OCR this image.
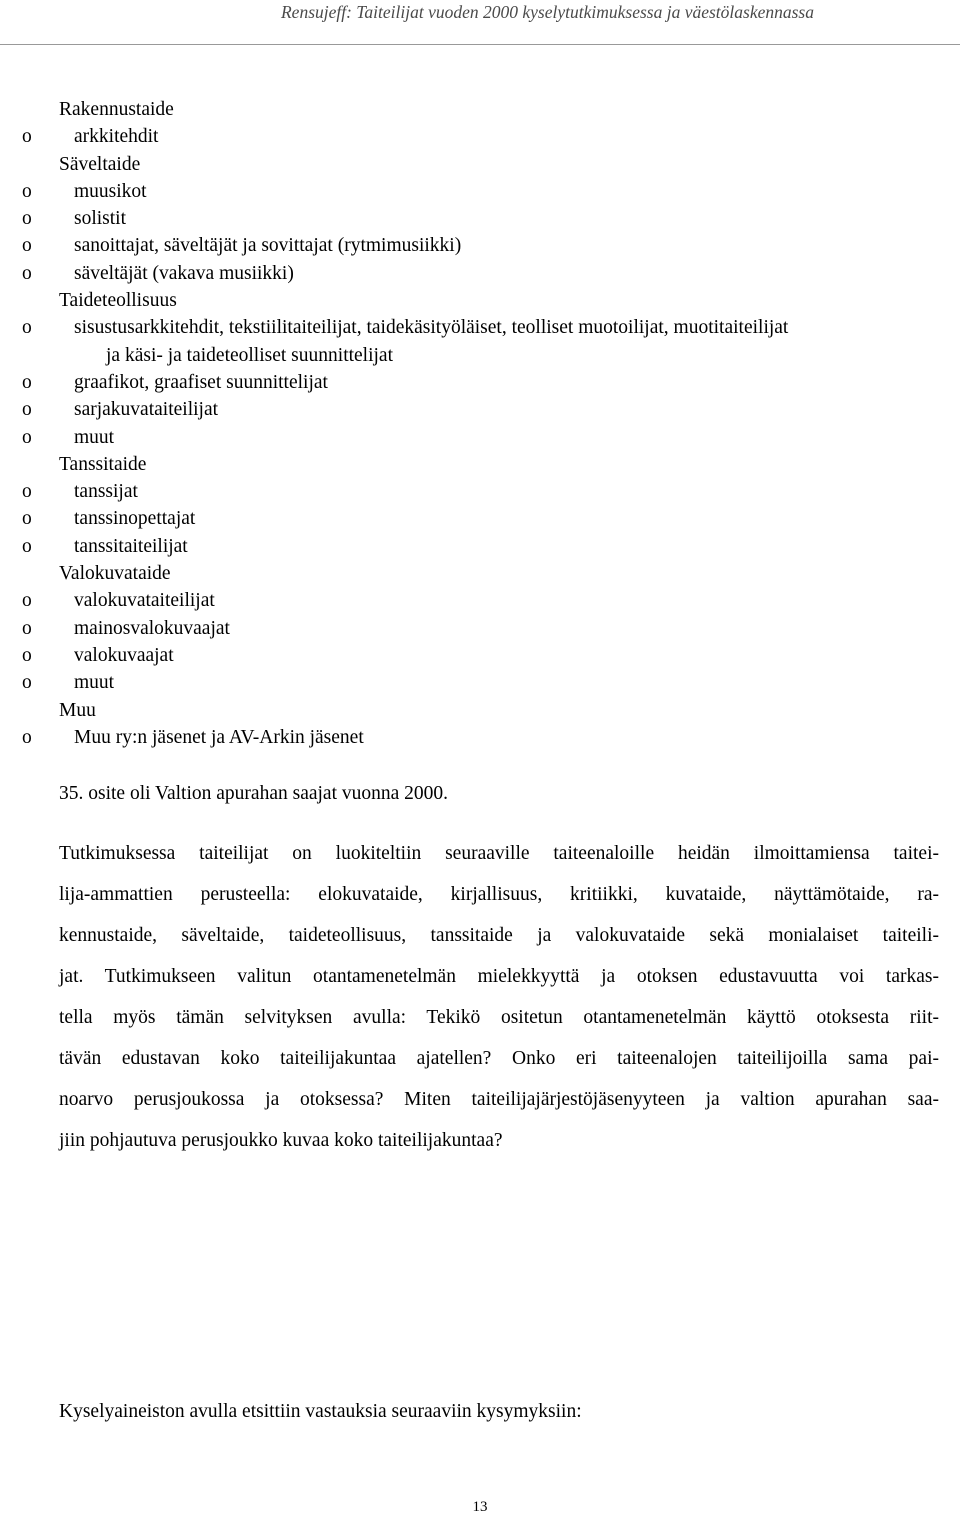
Rensujeff: Taiteilijat vuoden 2000 kyselytutkimuksessa ja väestölaskennassa
Rakennustaide
o arkkitehdit
Säveltaide
o muusikot
o solistit
o sanoittajat, säveltäjät ja sovittajat (rytmimusiikki)
o säveltäjät (vakava musiikki)
Taideteollisuus
o sisustusarkkitehdit, tekstiilitaiteilijat, taidekäsityöläiset, teolliset muotoilijat, muotitaiteilijat
ja käsi- ja taideteolliset suunnittelijat
o graafikot, graafiset suunnittelijat
o sarjakuvataiteilijat
o muut
Tanssitaide
o tanssijat
o tanssinopettajat
o tanssitaiteilijat
Valokuvataide
o valokuvataiteilijat
o mainosvalokuvaajat
o valokuvaajat
o muut
Muu
o Muu ry:n jäsenet ja AV-Arkin jäsenet

35. osite oli Valtion apurahan saajat vuonna 2000.

Tutkimuksessa taiteilijat on luokiteltiin seuraaville taiteenaloille heidän ilmoittamiensa taitei-
lija-ammattien perusteella: elokuvataide, kirjallisuus, kritiikki, kuvataide, näyttämötaide, ra-
kennustaide, säveltaide, taideteollisuus, tanssitaide ja valokuvataide sekä monialaiset taiteili-
jat. Tutkimukseen valitun otantamenetelmän mielekkyyttä ja otoksen edustavuutta voi tarkas-
tella myös tämän selvityksen avulla: Tekikö ositetun otantamenetelmän käyttö otoksesta riit-
tävän edustavan koko taiteilijakuntaa ajatellen? Onko eri taiteenalojen taiteilijoilla sama pai-
noarvo perusjoukossa ja otoksessa? Miten taiteilijajärjestöjäsenyyteen ja valtion apurahan saa-
jiin pohjautuva perusjoukko kuvaa koko taiteilijakuntaa?

Kyselyaineiston avulla etsittiin vastauksia seuraaviin kysymyksiin:

13
